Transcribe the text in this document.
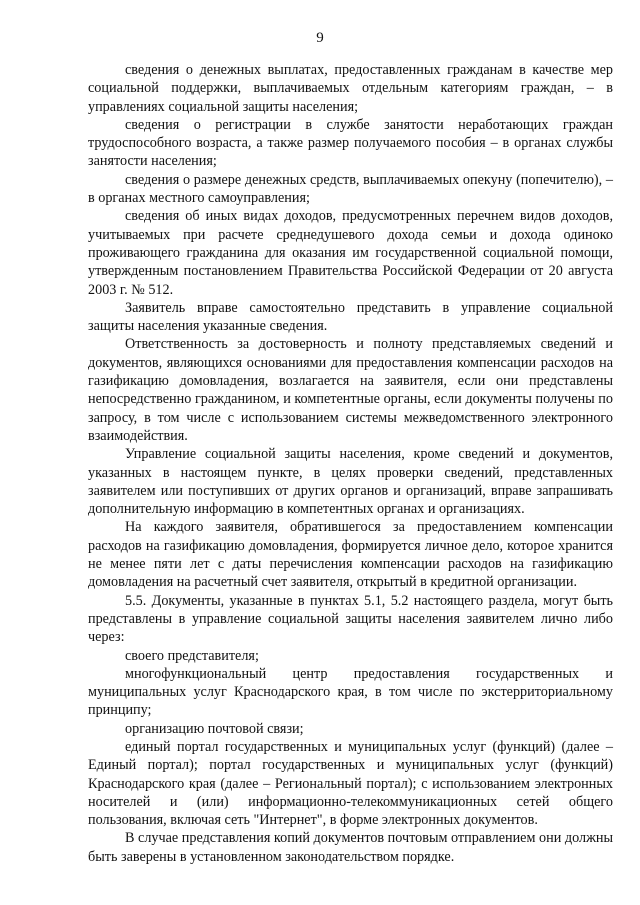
9

сведения о денежных выплатах, предоставленных гражданам в качестве мер социальной поддержки, выплачиваемых отдельным категориям граждан, – в управлениях социальной защиты населения;

сведения о регистрации в службе занятости неработающих граждан трудоспособного возраста, а также размер получаемого пособия – в органах службы занятости населения;

сведения о размере денежных средств, выплачиваемых опекуну (попечителю), – в органах местного самоуправления;

сведения об иных видах доходов, предусмотренных перечнем видов доходов, учитываемых при расчете среднедушевого дохода семьи и дохода одиноко проживающего гражданина для оказания им государственной социальной помощи, утвержденным постановлением Правительства Российской Федерации от 20 августа 2003 г. № 512.

Заявитель вправе самостоятельно представить в управление социальной защиты населения указанные сведения.

Ответственность за достоверность и полноту представляемых сведений и документов, являющихся основаниями для предоставления компенсации расходов на газификацию домовладения, возлагается на заявителя, если они представлены непосредственно гражданином, и компетентные органы, если документы получены по запросу, в том числе с использованием системы межведомственного электронного взаимодействия.

Управление социальной защиты населения, кроме сведений и документов, указанных в настоящем пункте, в целях проверки сведений, представленных заявителем или поступивших от других органов и организаций, вправе запрашивать дополнительную информацию в компетентных органах и организациях.

На каждого заявителя, обратившегося за предоставлением компенсации расходов на газификацию домовладения, формируется личное дело, которое хранится не менее пяти лет с даты перечисления компенсации расходов на газификацию домовладения на расчетный счет заявителя, открытый в кредитной организации.

5.5. Документы, указанные в пунктах 5.1, 5.2 настоящего раздела, могут быть представлены в управление социальной защиты населения заявителем лично либо через:

своего представителя;

многофункциональный центр предоставления государственных и муниципальных услуг Краснодарского края, в том числе по экстерриториальному принципу;

организацию почтовой связи;

единый портал государственных и муниципальных услуг (функций) (далее – Единый портал); портал государственных и муниципальных услуг (функций) Краснодарского края (далее – Региональный портал); с использованием электронных носителей и (или) информационно-телекоммуникационных сетей общего пользования, включая сеть "Интернет", в форме электронных документов.

В случае представления копий документов почтовым отправлением они должны быть заверены в установленном законодательством порядке.
